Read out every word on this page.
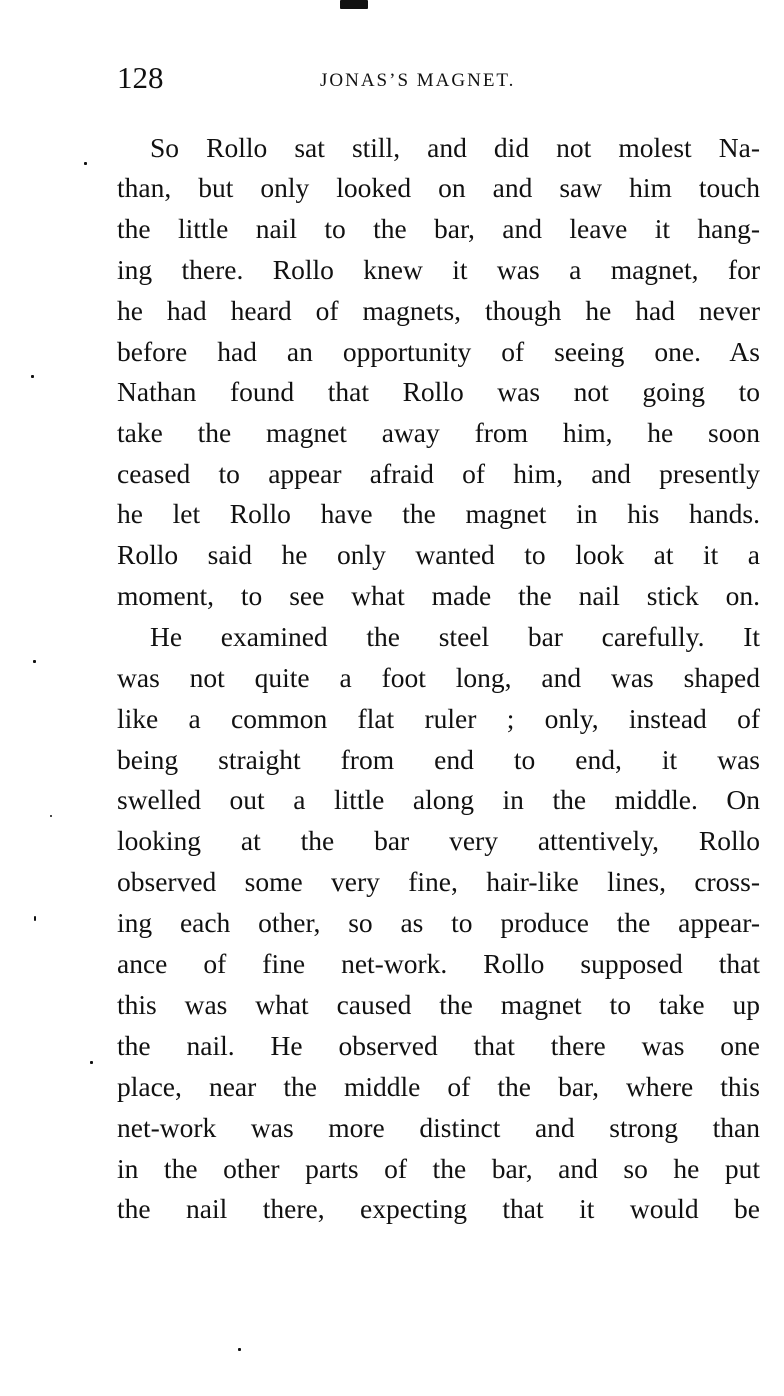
128	JONAS’S MAGNET.
So Rollo sat still, and did not molest Na-
than, but only looked on and saw him touch
the little nail to the bar, and leave it hang-
ing there. Rollo knew it was a magnet, for
he had heard of magnets, though he had never
before had an opportunity of seeing one. As
Nathan found that Rollo was not going to
take the magnet away from him, he soon
ceased to appear afraid of him, and presently
he let Rollo have the magnet in his hands.
Rollo said he only wanted to look at it a
moment, to see what made the nail stick on.
He examined the steel bar carefully. It
was not quite a foot long, and was shaped
like a common flat ruler ; only, instead of
being straight from end to end, it was
swelled out a little along in the middle. On
looking at the bar very attentively, Rollo
observed some very fine, hair-like lines, cross-
ing each other, so as to produce the appear-
ance of fine net-work. Rollo supposed that
this was what caused the magnet to take up
the nail. He observed that there was one
place, near the middle of the bar, where this
net-work was more distinct and strong than
in the other parts of the bar, and so he put
the nail there, expecting that it would be
